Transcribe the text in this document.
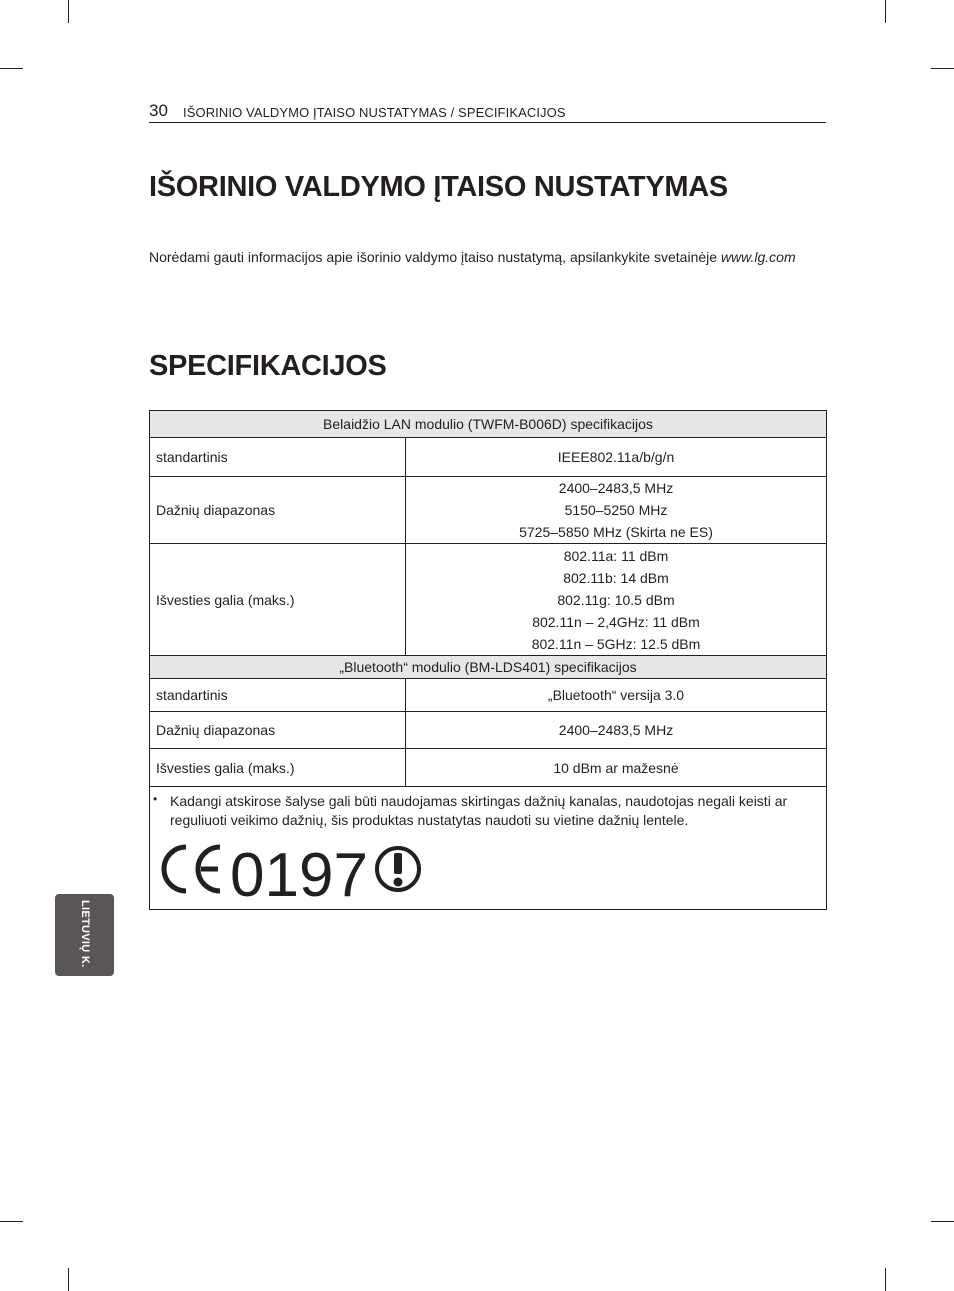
30 IŠORINIO VALDYMO ĮTAISO NUSTATYMAS / SPECIFIKACIJOS
IŠORINIO VALDYMO ĮTAISO NUSTATYMAS
Norėdami gauti informacijos apie išorinio valdymo įtaiso nustatymą, apsilankykite svetainėje www.lg.com
SPECIFIKACIJOS
Belaidžio LAN modulio (TWFM-B006D) specifikacijos	
standartinis	IEEE802.11a/b/g/n
Dažnių diapazonas	2400–2483,5 MHz
5150–5250 MHz
5725–5850 MHz (Skirta ne ES)

Išvesties galia (maks.)	802.11a: 11 dBm
802.11b: 14 dBm
802.11g: 10.5 dBm
802.11n – 2,4GHz: 11 dBm
802.11n – 5GHz: 12.5 dBm

„Bluetooth“ modulio (BM-LDS401) specifikacijos	
standartinis	„Bluetooth“ versija 3.0
Dažnių diapazonas	2400–2483,5 MHz
Išvesties galia (maks.)	10 dBm ar mažesnė

• Kadangi atskirose šalyse gali būti naudojamas skirtingas dažnių kanalas, naudotojas negali keisti ar reguliuoti veikimo dažnių, šis produktas nustatytas naudoti su vietine dažnių lentele.
0197	
LIETUVIŲ K.
